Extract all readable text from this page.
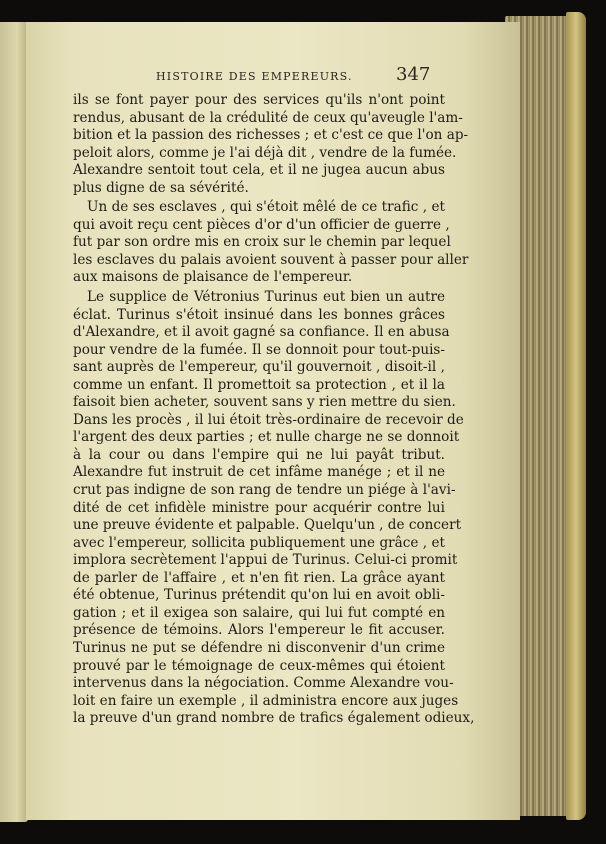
HISTOIRE DES EMPEREURS. 347
ils se font payer pour des services qu'ils n'ont point
rendus, abusant de la crédulité de ceux qu'aveugle l'am-
bition et la passion des richesses ; et c'est ce que l'on ap-
peloit alors, comme je l'ai déjà dit , vendre de la fumée.
Alexandre sentoit tout cela, et il ne jugea aucun abus
plus digne de sa sévérité.
Un de ses esclaves , qui s'étoit mêlé de ce trafic , et
qui avoit reçu cent pièces d'or d'un officier de guerre ,
fut par son ordre mis en croix sur le chemin par lequel
les esclaves du palais avoient souvent à passer pour aller
aux maisons de plaisance de l'empereur.
Le supplice de Vétronius Turinus eut bien un autre
éclat. Turinus s'étoit insinué dans les bonnes grâces
d'Alexandre, et il avoit gagné sa confiance. Il en abusa
pour vendre de la fumée. Il se donnoit pour tout-puis-
sant auprès de l'empereur, qu'il gouvernoit , disoit-il ,
comme un enfant. Il promettoit sa protection , et il la
faisoit bien acheter, souvent sans y rien mettre du sien.
Dans les procès , il lui étoit très-ordinaire de recevoir de
l'argent des deux parties ; et nulle charge ne se donnoit
à la cour ou dans l'empire qui ne lui payât tribut.
Alexandre fut instruit de cet infâme manége ; et il ne
crut pas indigne de son rang de tendre un piége à l'avi-
dité de cet infidèle ministre pour acquérir contre lui
une preuve évidente et palpable. Quelqu'un , de concert
avec l'empereur, sollicita publiquement une grâce , et
implora secrètement l'appui de Turinus. Celui-ci promit
de parler de l'affaire , et n'en fit rien. La grâce ayant
été obtenue, Turinus prétendit qu'on lui en avoit obli-
gation ; et il exigea son salaire, qui lui fut compté en
présence de témoins. Alors l'empereur le fit accuser.
Turinus ne put se défendre ni disconvenir d'un crime
prouvé par le témoignage de ceux-mêmes qui étoient
intervenus dans la négociation. Comme Alexandre vou-
loit en faire un exemple , il administra encore aux juges
la preuve d'un grand nombre de trafics également odieux,
